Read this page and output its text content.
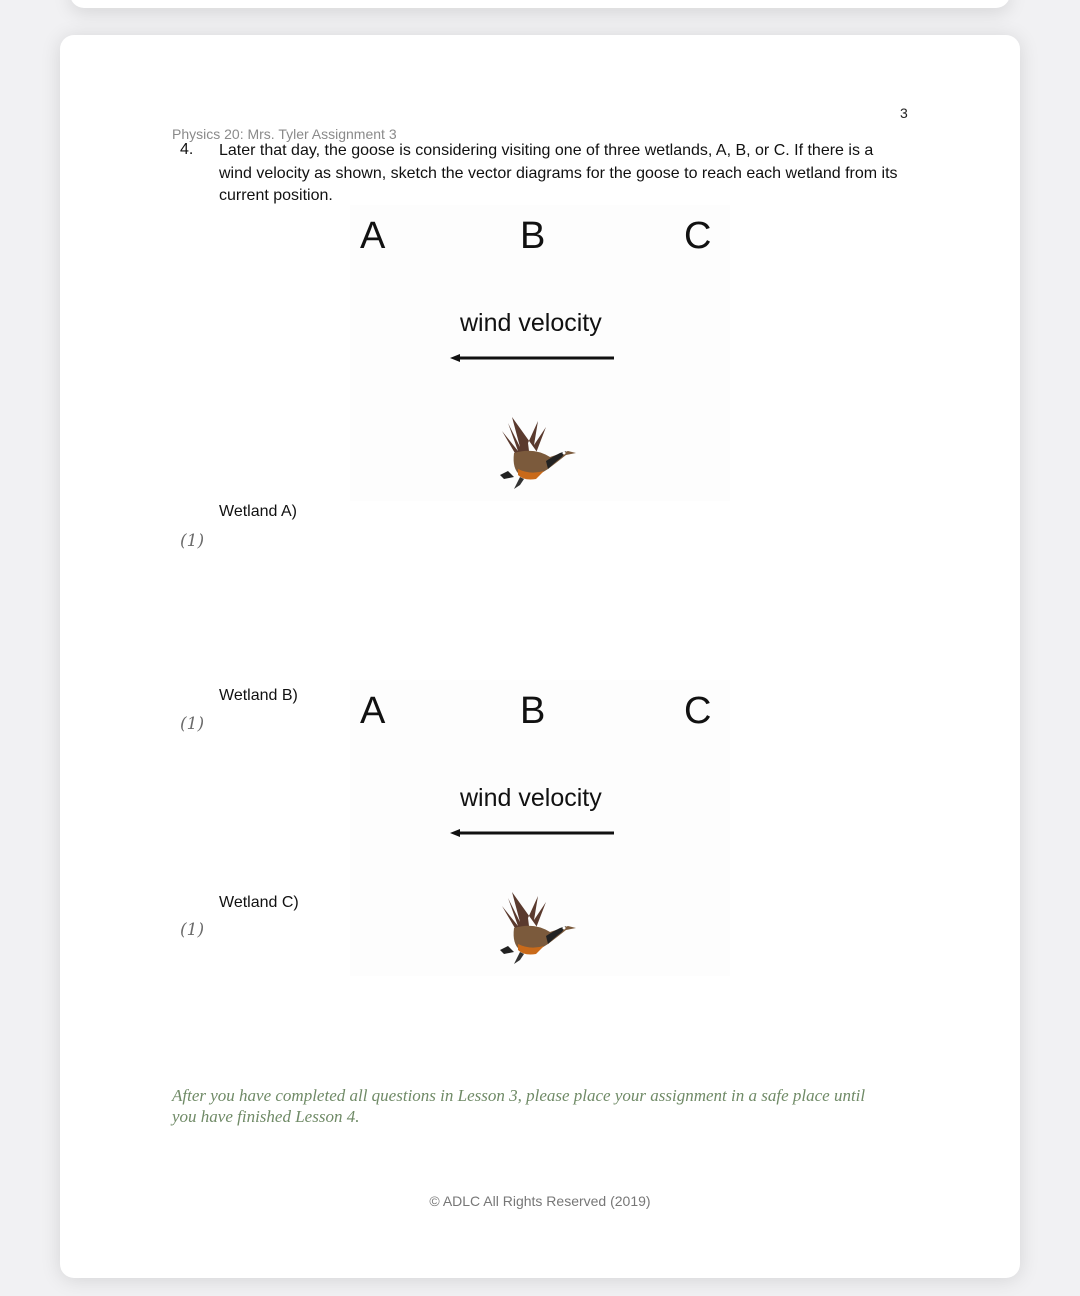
3
Physics 20: Mrs. Tyler Assignment 3
4. Later that day, the goose is considering visiting one of three wetlands, A, B, or C. If there is a wind velocity as shown, sketch the vector diagrams for the goose to reach each wetland from its current position.
A	B	C
wind velocity
Wetland A)
(1)
Wetland B)
(1)	A	B	C
wind velocity
Wetland C)
(1)
After you have completed all questions in Lesson 3, please place your assignment in a safe place until you have finished Lesson 4.
© ADLC All Rights Reserved (2019)
